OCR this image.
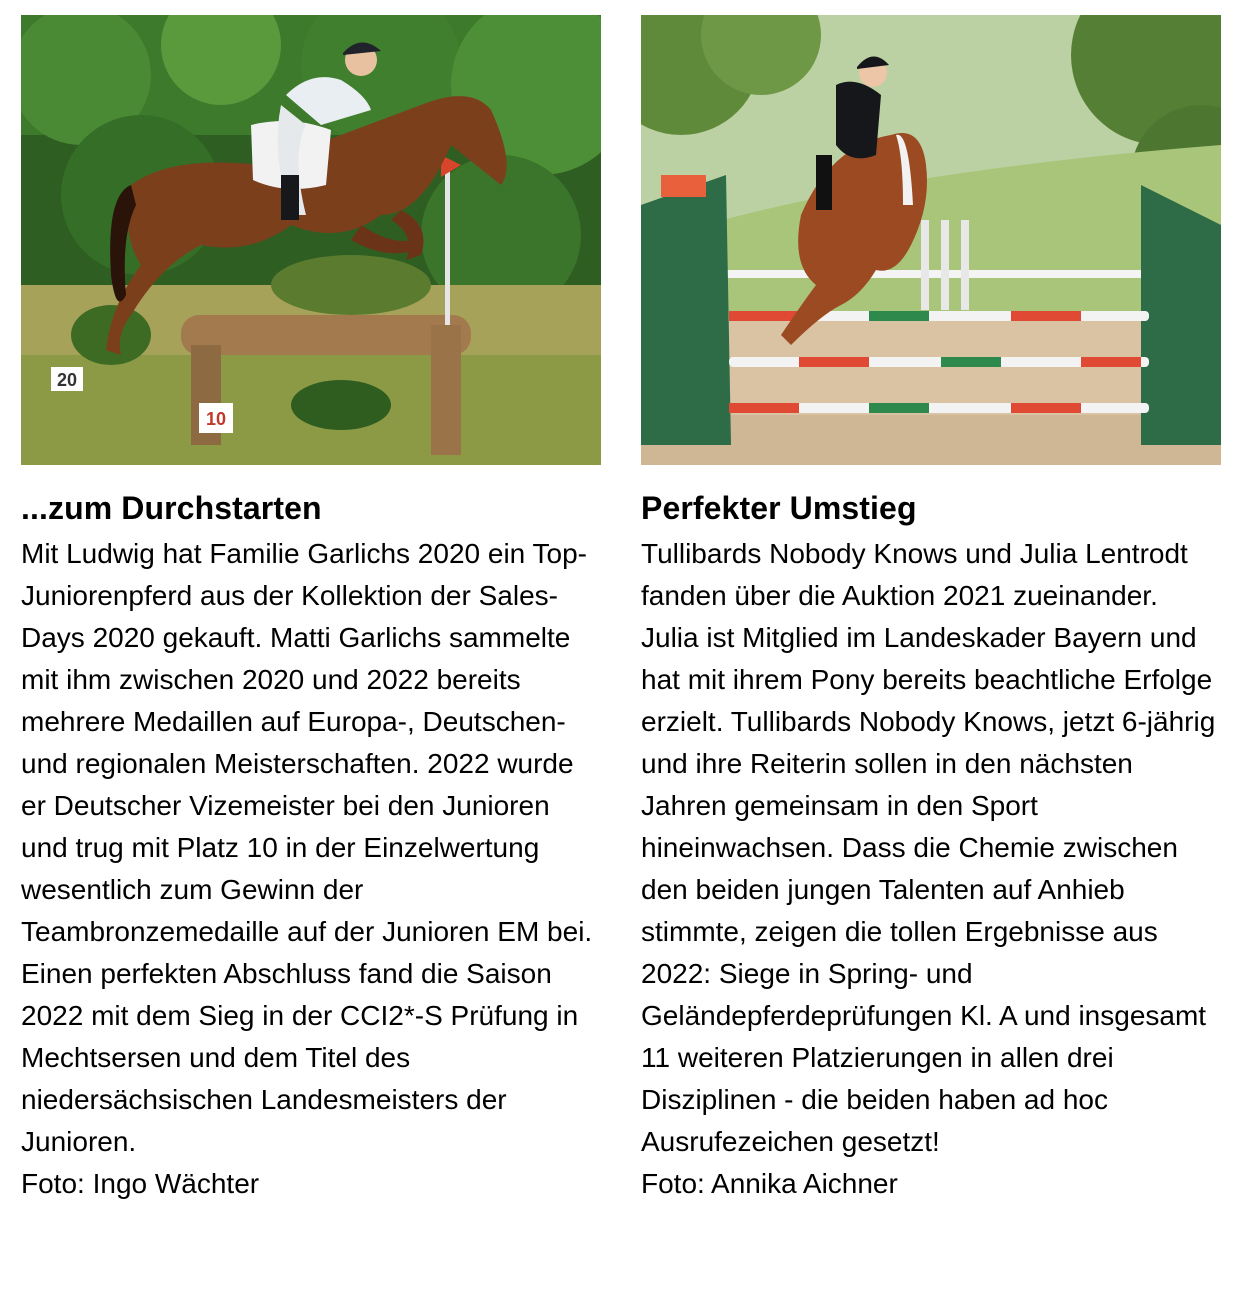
20
10
...zum Durchstarten
Mit Ludwig hat Familie Garlichs 2020 ein Top-Juniorenpferd aus der Kollektion der Sales-Days 2020 gekauft. Matti Garlichs sammelte mit ihm zwischen 2020 und 2022 bereits mehrere Medaillen auf Europa-, Deutschen- und regionalen Meisterschaften. 2022 wurde er Deutscher Vizemeister bei den Junioren und trug mit Platz 10 in der Einzelwertung wesentlich zum Gewinn der Teambronzemedaille auf der Junioren EM bei. Einen perfekten Abschluss fand die Saison 2022 mit dem Sieg in der CCI2*-S Prüfung in Mechtsersen und dem Titel des niedersächsischen Landesmeisters der Junioren.
Foto: Ingo Wächter
Perfekter Umstieg
Tullibards Nobody Knows und Julia Lentrodt fanden über die Auktion 2021 zueinander. Julia ist Mitglied im Landeskader Bayern und hat mit ihrem Pony bereits beachtliche Erfolge erzielt. Tullibards Nobody Knows, jetzt 6-jährig und ihre Reiterin sollen in den nächsten Jahren gemeinsam in den Sport hineinwachsen. Dass die Chemie zwischen den beiden jungen Talenten auf Anhieb stimmte, zeigen die tollen Ergebnisse aus 2022: Siege in Spring- und Geländepferdeprüfungen Kl. A und insgesamt 11 weiteren Platzierungen in allen drei Disziplinen - die beiden haben ad hoc Ausrufezeichen gesetzt!
Foto: Annika Aichner
